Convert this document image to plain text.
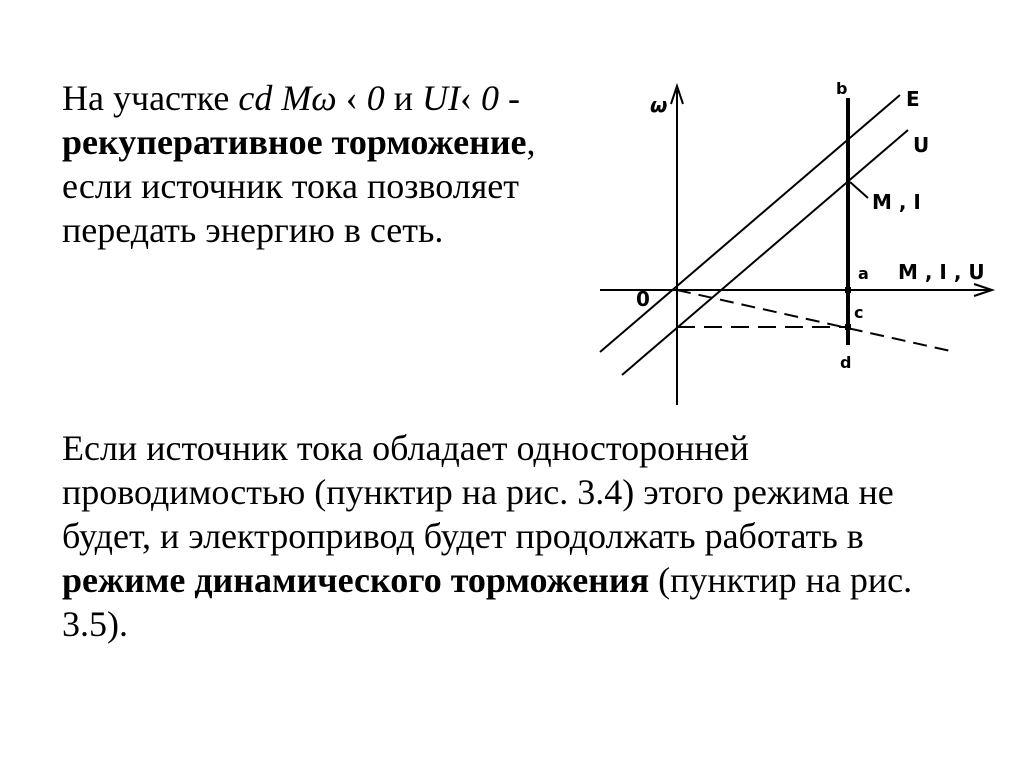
На участке cd Mω ‹ 0 и UI‹ 0 - рекуперативное торможение, если источник тока позволяет передать энергию в сеть.

Если источник тока обладает односторонней проводимостью (пунктир на рис. 3.4) этого режима не будет, и электропривод будет продолжать работать в режиме динамического торможения (пунктир на рис. 3.5).

ω
0
b	E
U
M , I
a M , I , U
c
d
